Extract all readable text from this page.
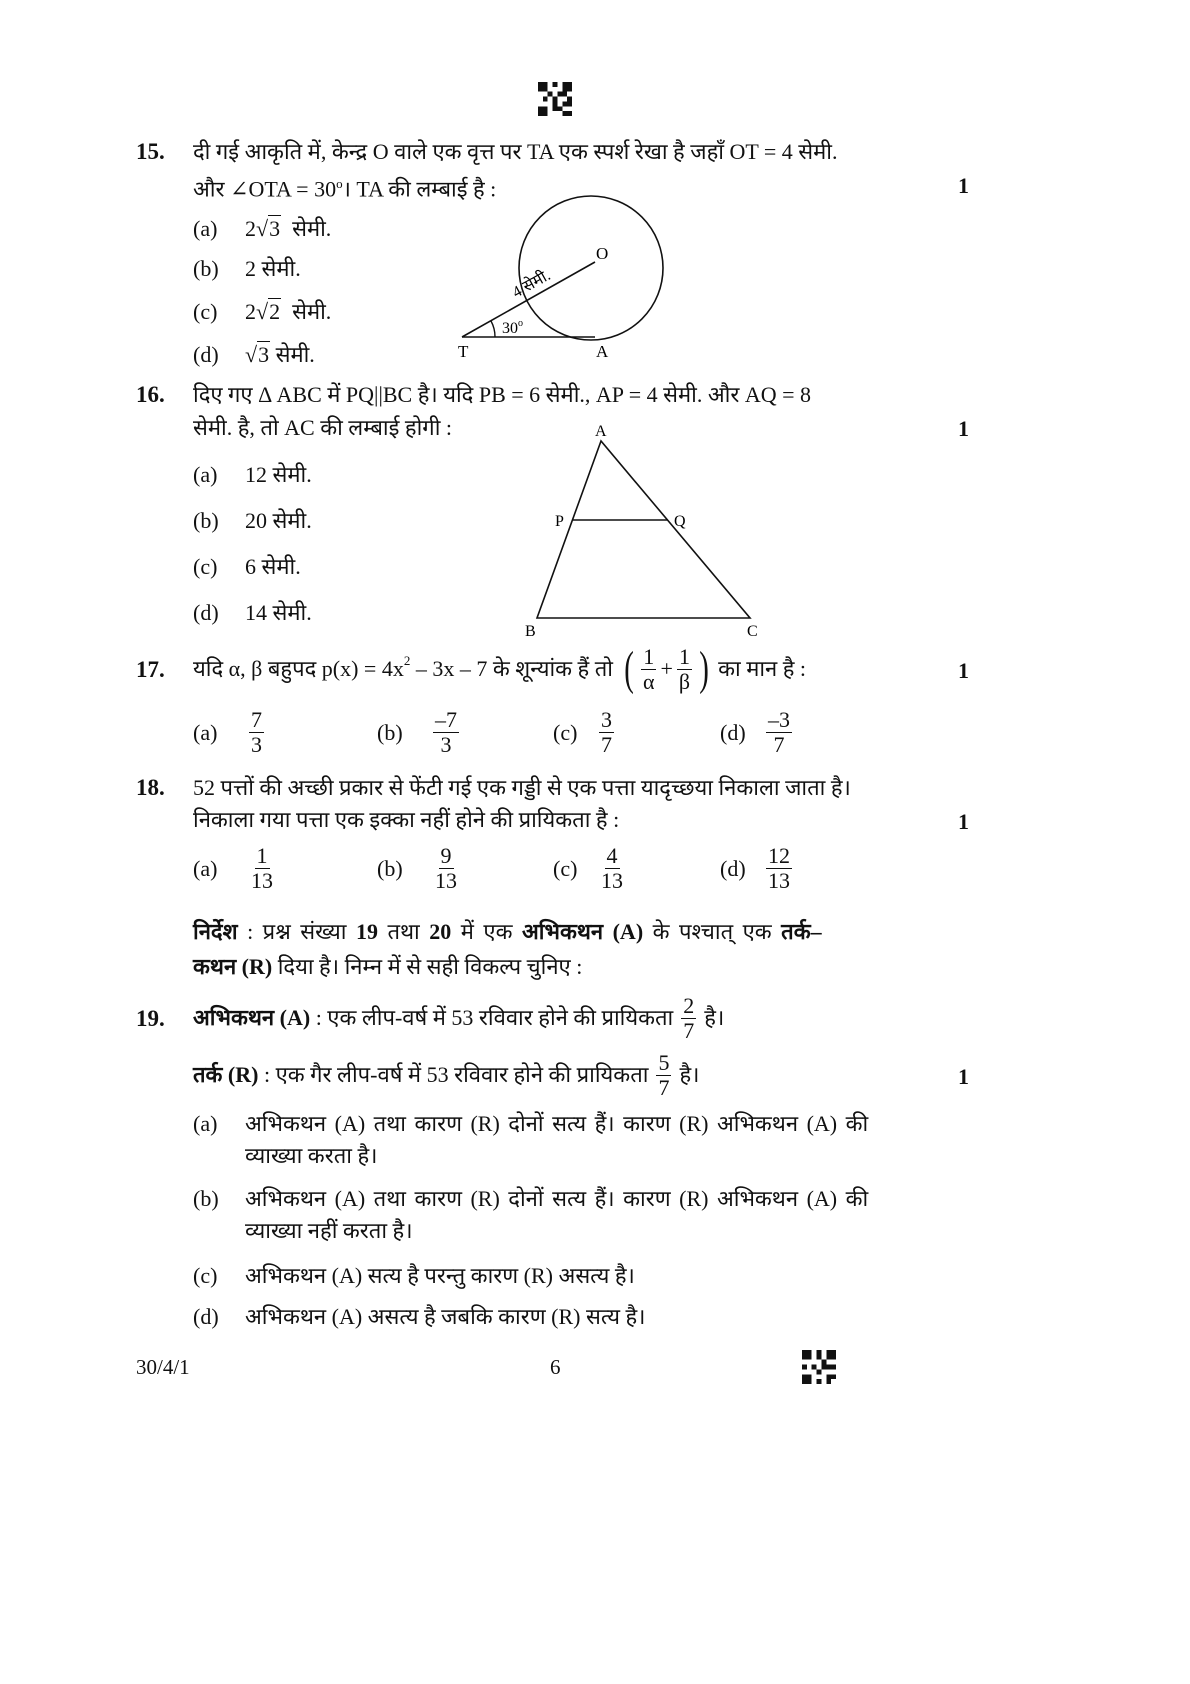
15. दी गई आकृति में, केन्द्र O वाले एक वृत्त पर TA एक स्पर्श रेखा है जहाँ OT = 4 सेमी.
और ∠OTA = $30^o।$ TA की लम्बाई है :	1
(a) 2√3 सेमी.
(b) 2 सेमी.
(c) 2√2 सेमी.
(d) √3 सेमी.
O
T	A
30$^o$
4 सेमी.
16. दिए गए Δ ABC में PQ||BC है। यदि PB = 6 सेमी., AP = 4 सेमी. और AQ = 8
सेमी. है, तो AC की लम्बाई होगी :	1
(a) 12 सेमी.
(b) 20 सेमी.
(c) 6 सेमी.
(d) 14 सेमी.
A
P	Q
B	C
17. यदि α, β बहुपद $p(x) = 4x^2 - 3x - 7$ के शून्यांक हैं तो ( $\frac{1}{\alpha} + \frac{1}{\beta}$ ) का मान है :	1
(a)	$\frac{7}{3}$	(b)	$\frac{-7}{3}$	$(c) \frac{3}{7}$	$(d) \frac{-3}{7}$
18. 52 पत्तों की अच्छी प्रकार से फेंटी गई एक गड्डी से एक पत्ता यादृच्छया निकाला जाता है।
निकाला गया पत्ता एक इक्का नहीं होने की प्रायिकता है :	1
(a)	$\frac{1}{13}$	(b)	$\frac{9}{13}$	$(c) \frac{4}{13}$	$(d) \frac{12}{13}$
निर्देश : प्रश्न संख्या 19 तथा 20 में एक अभिकथन (A) के पश्चात् एक तर्क–
कथन (R) दिया है। निम्न में से सही विकल्प चुनिए :
19. अभिकथन (A) : एक लीप-वर्ष में 53 रविवार होने की प्रायिकता $\frac{2}{7}$ है।
तर्क (R) : एक गैर लीप-वर्ष में 53 रविवार होने की प्रायिकता $\frac{5}{7}$ है।	1
(a) अभिकथन (A) तथा कारण (R) दोनों सत्य हैं। कारण (R) अभिकथन (A) की
व्याख्या करता है।
(b) अभिकथन (A) तथा कारण (R) दोनों सत्य हैं। कारण (R) अभिकथन (A) की
व्याख्या नहीं करता है।
(c) अभिकथन (A) सत्य है परन्तु कारण (R) असत्य है।
(d) अभिकथन (A) असत्य है जबकि कारण (R) सत्य है।
30/4/1	6
